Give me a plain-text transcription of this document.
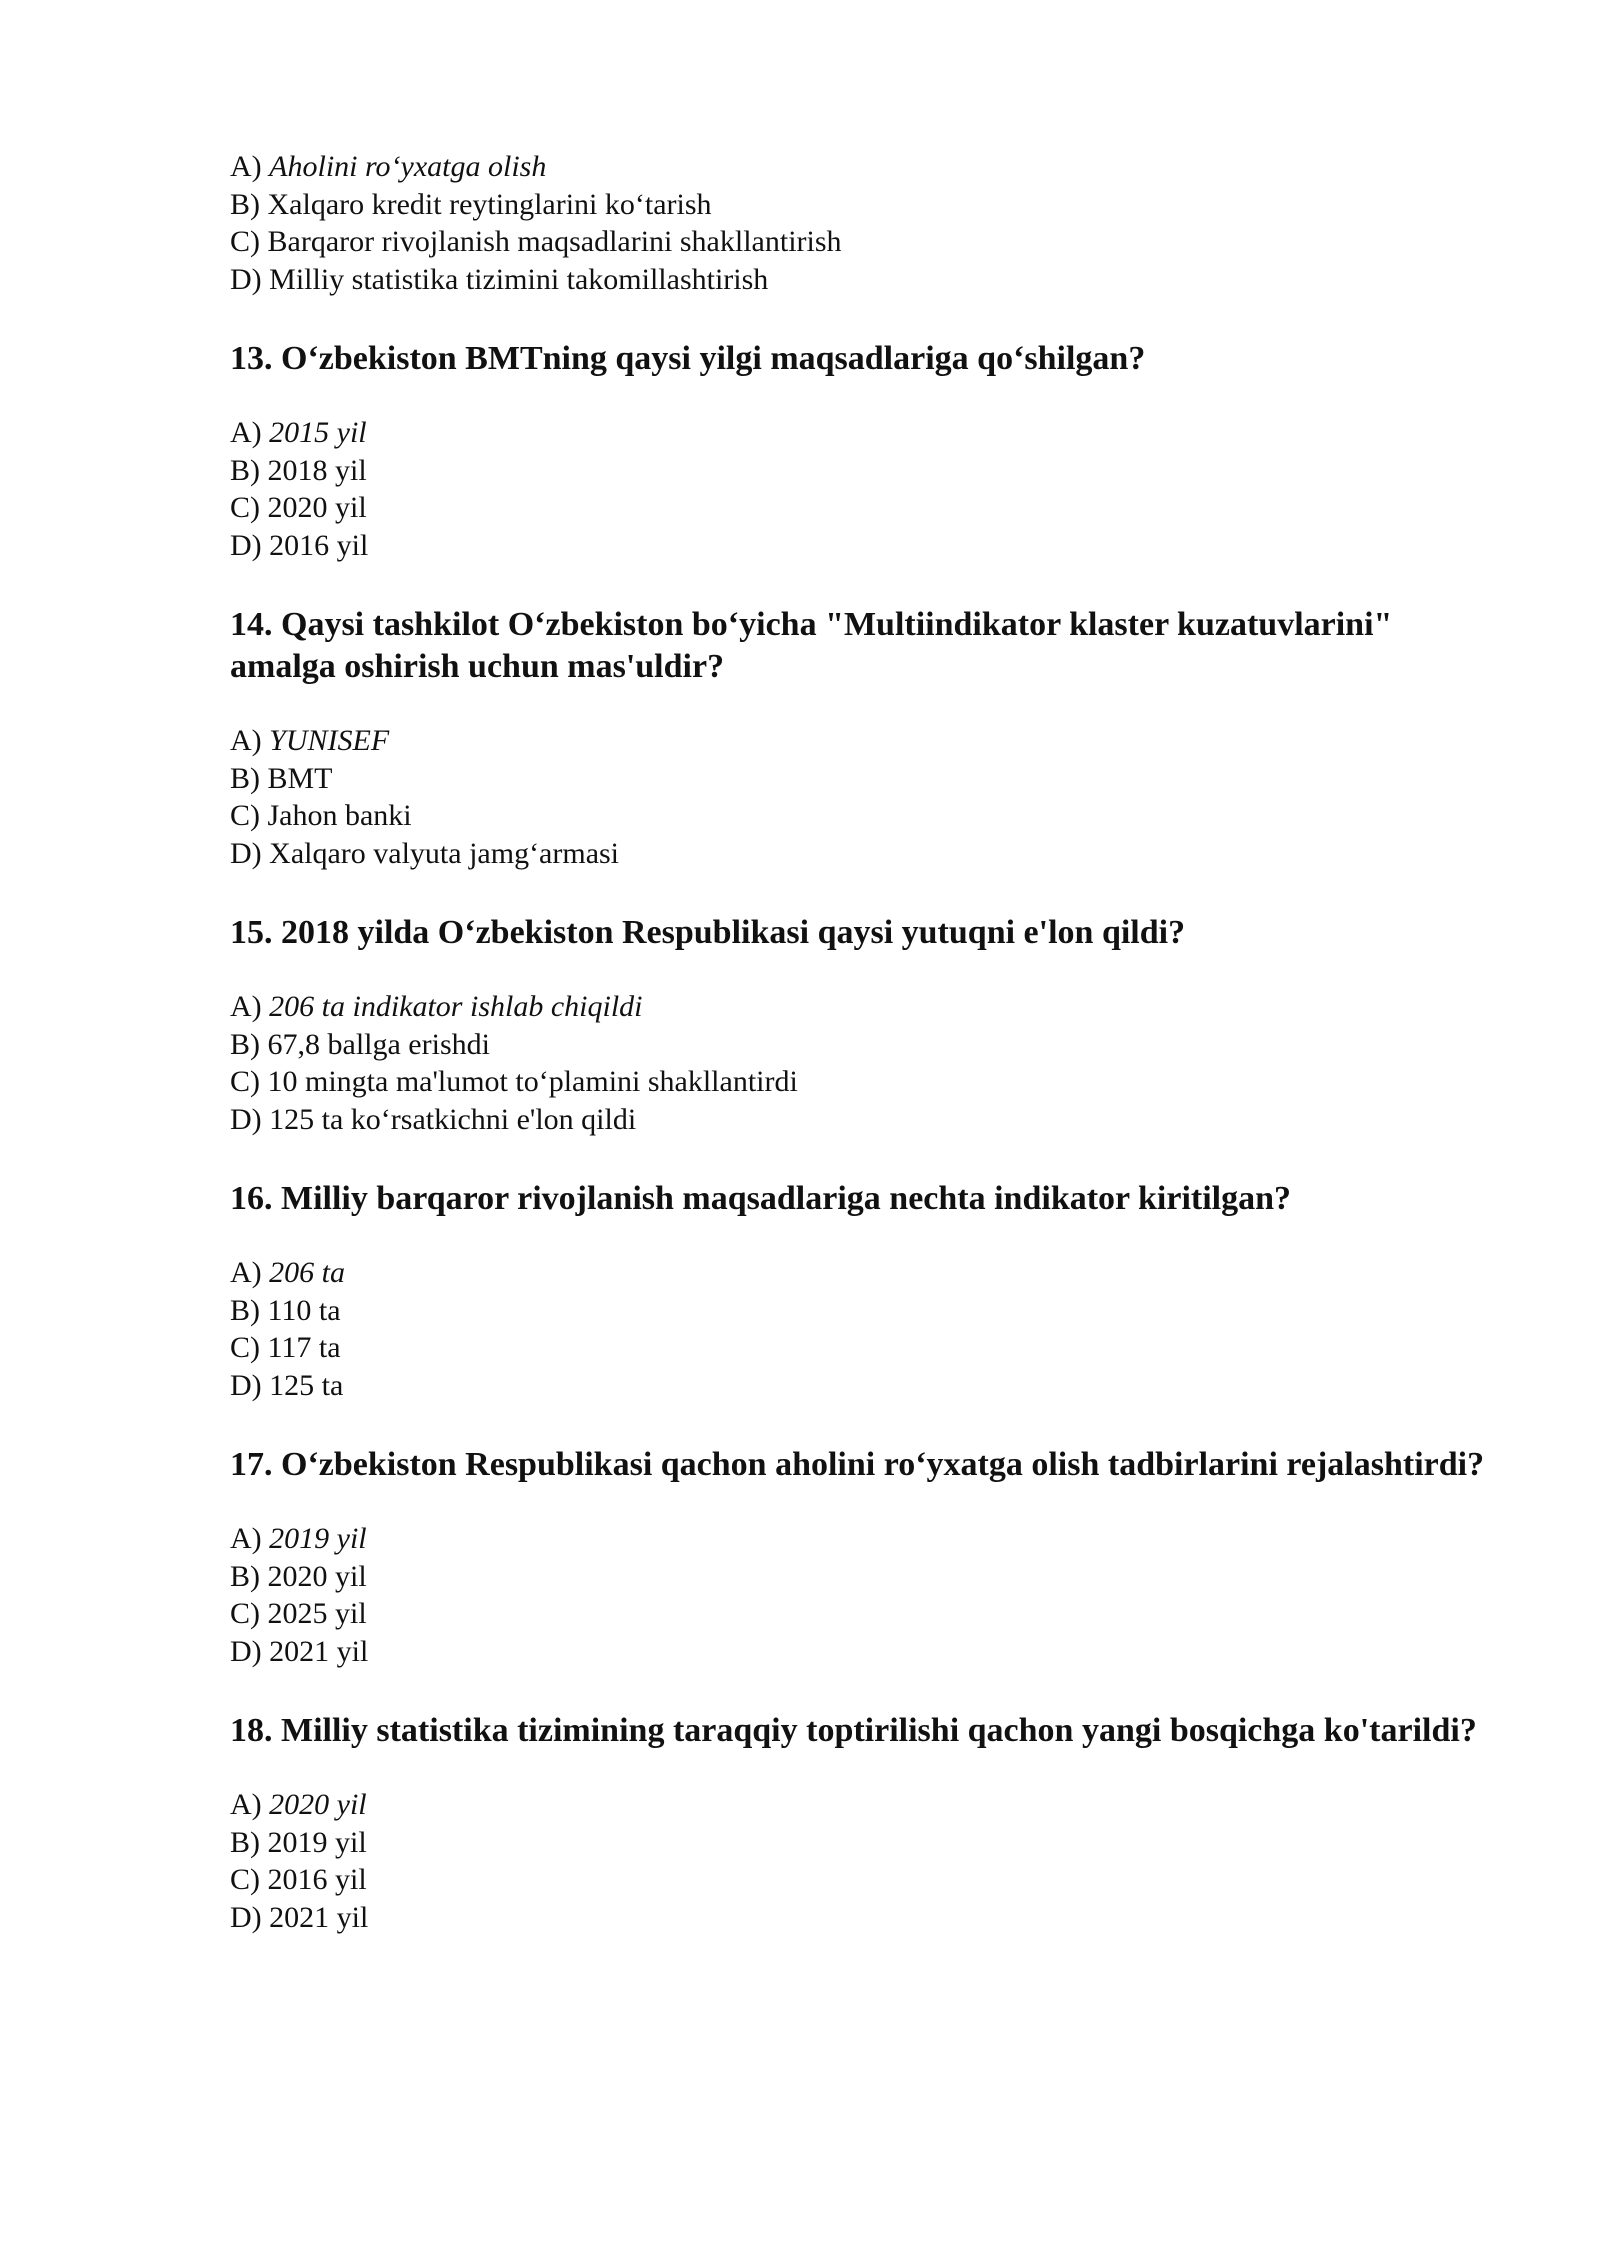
A) Aholini ro‘yxatga olish
B) Xalqaro kredit reytinglarini ko‘tarish
C) Barqaror rivojlanish maqsadlarini shakllantirish
D) Milliy statistika tizimini takomillashtirish
13. O‘zbekiston BMTning qaysi yilgi maqsadlariga qo‘shilgan?
A) 2015 yil
B) 2018 yil
C) 2020 yil
D) 2016 yil
14. Qaysi tashkilot O‘zbekiston bo‘yicha "Multiindikator klaster kuzatuvlarini" amalga oshirish uchun mas'uldir?
A) YUNISEF
B) BMT
C) Jahon banki
D) Xalqaro valyuta jamg‘armasi
15. 2018 yilda O‘zbekiston Respublikasi qaysi yutuqni e'lon qildi?
A) 206 ta indikator ishlab chiqildi
B) 67,8 ballga erishdi
C) 10 mingta ma'lumot to‘plamini shakllantirdi
D) 125 ta ko‘rsatkichni e'lon qildi
16. Milliy barqaror rivojlanish maqsadlariga nechta indikator kiritilgan?
A) 206 ta
B) 110 ta
C) 117 ta
D) 125 ta
17. O‘zbekiston Respublikasi qachon aholini ro‘yxatga olish tadbirlarini rejalashtirdi?
A) 2019 yil
B) 2020 yil
C) 2025 yil
D) 2021 yil
18. Milliy statistika tizimining taraqqiy toptirilishi qachon yangi bosqichga ko'tarildi?
A) 2020 yil
B) 2019 yil
C) 2016 yil
D) 2021 yil
